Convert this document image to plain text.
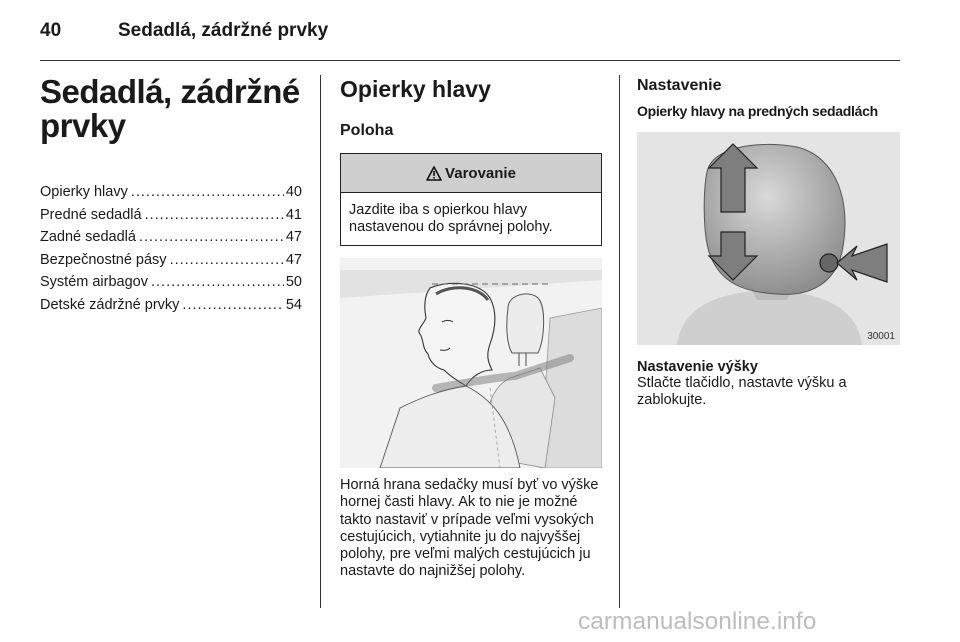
40	Sedadlá, zádržné prvky
Sedadlá, zádržné
prvky
Opierky hlavy .....	40
Predné sedadlá .....	41
Zadné sedadlá .....	47
Bezpečnostné pásy .....	47
Systém airbagov .....	50
Detské zádržné prvky .....	54
Opierky hlavy
Poloha
Varovanie
Jazdite iba s opierkou hlavy nastavenou do správnej polohy.
Horná hrana sedačky musí byť vo výške hornej časti hlavy. Ak to nie je možné takto nastaviť v prípade veľmi vysokých cestujúcich, vytiahnite ju do najvyššej polohy, pre veľmi malých cestujúcich ju nastavte do najnižšej polohy.
Nastavenie
Opierky hlavy na predných sedadlách
30001
Nastavenie výšky
Stlačte tlačidlo, nastavte výšku a zablokujte.
carmanualsonline.info
